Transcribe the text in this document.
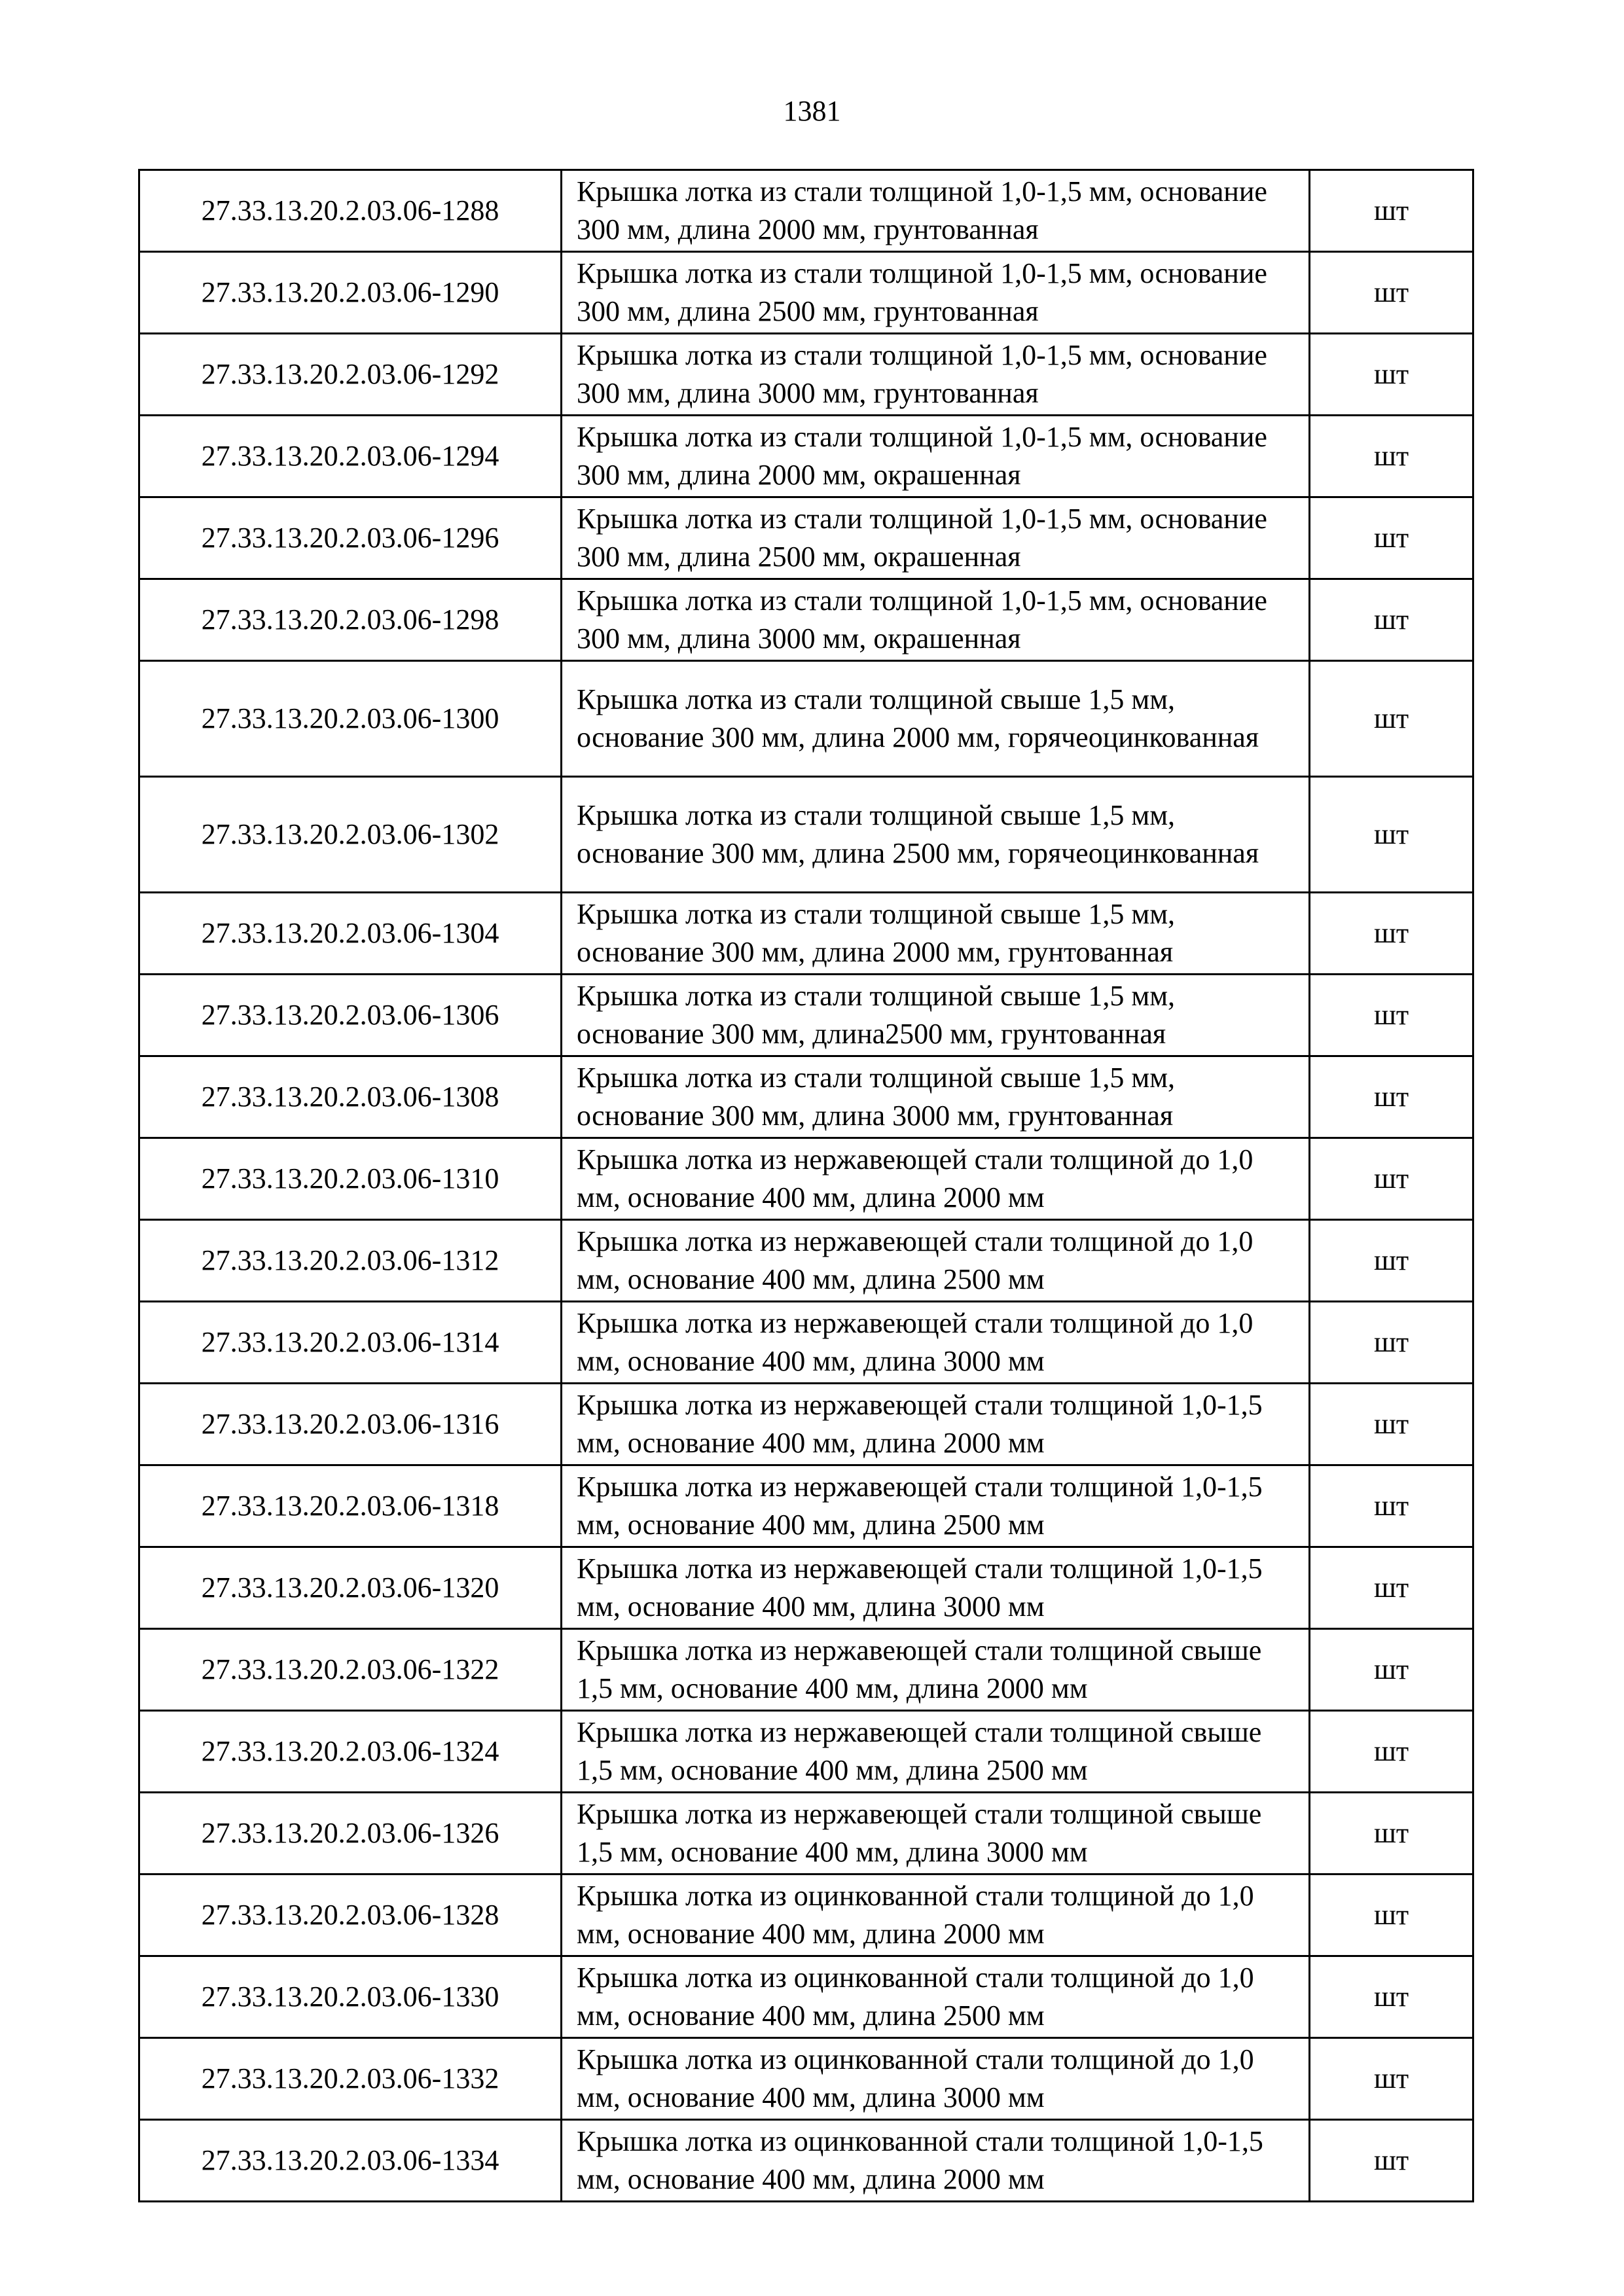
1381
27.33.13.20.2.03.06-1288	Крышка лотка из стали толщиной 1,0-1,5 мм, основание 300 мм, длина 2000 мм, грунтованная	шт
27.33.13.20.2.03.06-1290	Крышка лотка из стали толщиной 1,0-1,5 мм, основание 300 мм, длина 2500 мм, грунтованная	шт
27.33.13.20.2.03.06-1292	Крышка лотка из стали толщиной 1,0-1,5 мм, основание 300 мм, длина 3000 мм, грунтованная	шт
27.33.13.20.2.03.06-1294	Крышка лотка из стали толщиной 1,0-1,5 мм, основание 300 мм, длина 2000 мм, окрашенная	шт
27.33.13.20.2.03.06-1296	Крышка лотка из стали толщиной 1,0-1,5 мм, основание 300 мм, длина 2500 мм, окрашенная	шт
27.33.13.20.2.03.06-1298	Крышка лотка из стали толщиной 1,0-1,5 мм, основание 300 мм, длина 3000 мм, окрашенная	шт
27.33.13.20.2.03.06-1300	Крышка лотка из стали толщиной свыше 1,5 мм, основание 300 мм, длина 2000 мм, горячеоцинкованная	шт
27.33.13.20.2.03.06-1302	Крышка лотка из стали толщиной свыше 1,5 мм, основание 300 мм, длина 2500 мм, горячеоцинкованная	шт
27.33.13.20.2.03.06-1304	Крышка лотка из стали толщиной свыше 1,5 мм, основание 300 мм, длина 2000 мм, грунтованная	шт
27.33.13.20.2.03.06-1306	Крышка лотка из стали толщиной свыше 1,5 мм, основание 300 мм, длина2500 мм, грунтованная	шт
27.33.13.20.2.03.06-1308	Крышка лотка из стали толщиной свыше 1,5 мм, основание 300 мм, длина 3000 мм, грунтованная	шт
27.33.13.20.2.03.06-1310	Крышка лотка из нержавеющей стали толщиной до 1,0 мм, основание 400 мм, длина 2000 мм	шт
27.33.13.20.2.03.06-1312	Крышка лотка из нержавеющей стали толщиной до 1,0 мм, основание 400 мм, длина 2500 мм	шт
27.33.13.20.2.03.06-1314	Крышка лотка из нержавеющей стали толщиной до 1,0 мм, основание 400 мм, длина 3000 мм	шт
27.33.13.20.2.03.06-1316	Крышка лотка из нержавеющей стали толщиной 1,0-1,5 мм, основание 400 мм, длина 2000 мм	шт
27.33.13.20.2.03.06-1318	Крышка лотка из нержавеющей стали толщиной 1,0-1,5 мм, основание 400 мм, длина 2500 мм	шт
27.33.13.20.2.03.06-1320	Крышка лотка из нержавеющей стали толщиной 1,0-1,5 мм, основание 400 мм, длина 3000 мм	шт
27.33.13.20.2.03.06-1322	Крышка лотка из нержавеющей стали толщиной свыше 1,5 мм, основание 400 мм, длина 2000 мм	шт
27.33.13.20.2.03.06-1324	Крышка лотка из нержавеющей стали толщиной свыше 1,5 мм, основание 400 мм, длина 2500 мм	шт
27.33.13.20.2.03.06-1326	Крышка лотка из нержавеющей стали толщиной свыше 1,5 мм, основание 400 мм, длина 3000 мм	шт
27.33.13.20.2.03.06-1328	Крышка лотка из оцинкованной стали толщиной до 1,0 мм, основание 400 мм, длина 2000 мм	шт
27.33.13.20.2.03.06-1330	Крышка лотка из оцинкованной стали толщиной до 1,0 мм, основание 400 мм, длина 2500 мм	шт
27.33.13.20.2.03.06-1332	Крышка лотка из оцинкованной стали толщиной до 1,0 мм, основание 400 мм, длина 3000 мм	шт
27.33.13.20.2.03.06-1334	Крышка лотка из оцинкованной стали толщиной 1,0-1,5 мм, основание 400 мм, длина 2000 мм	шт
